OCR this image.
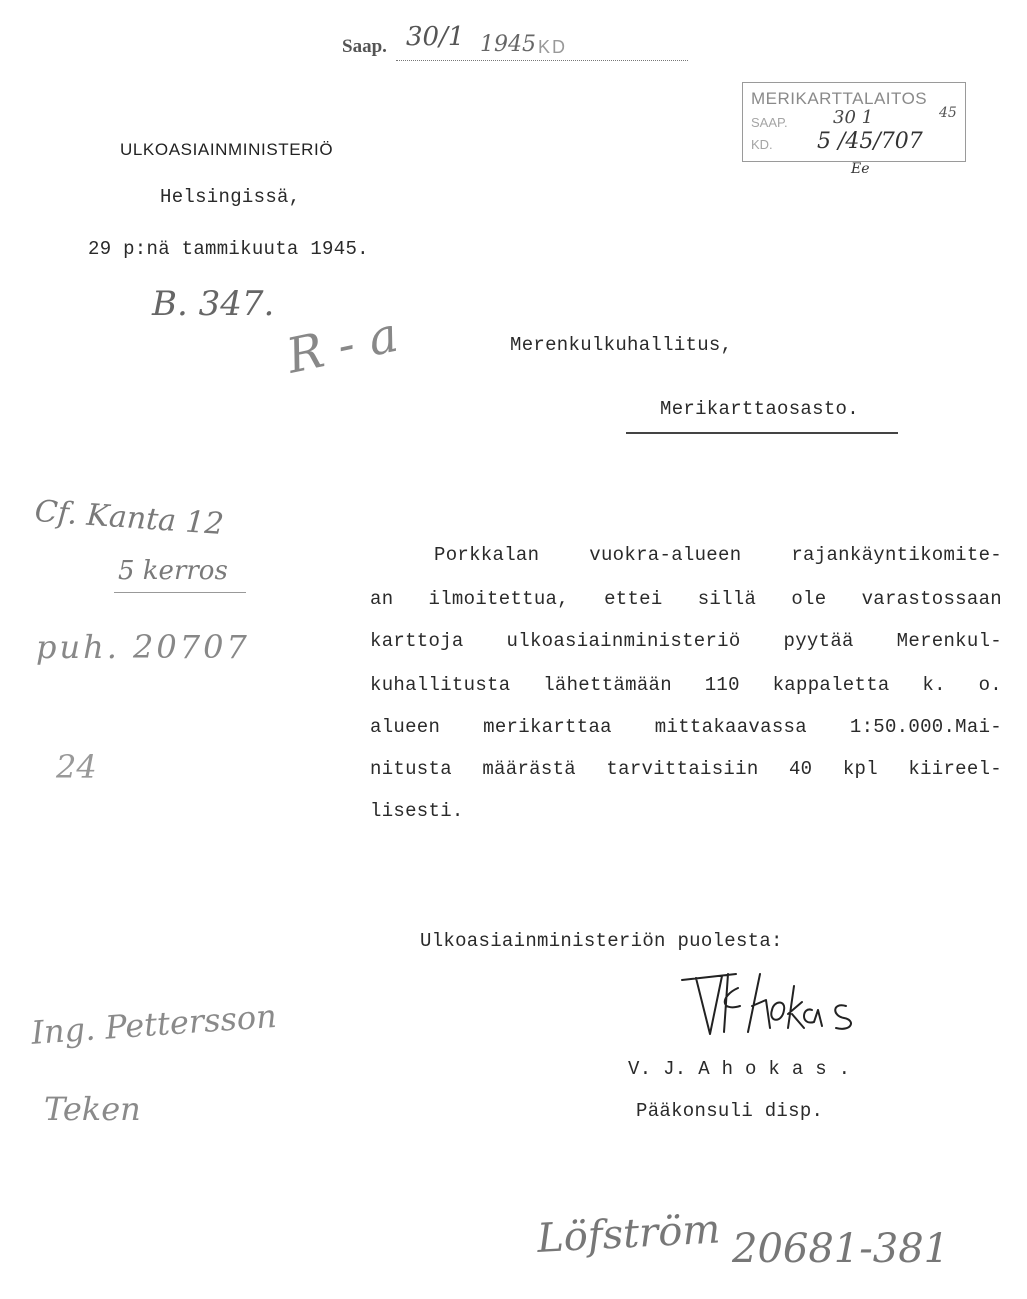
Saap. 30/1 1945 KD
MERIKARTTALAITOS
SAAP.
KD.
30 1	45
5 /45/707
Ee
ULKOASIAINMINISTERIÖ
Helsingissä,
29 p:nä tammikuuta 1945.
B. 347.
R - a	Merenkulkuhallitus,
Merikarttaosasto.
Cf. Kanta 12
5 kerros
puh. 20707
24
Ing. Pettersson
Teken
Porkkalan vuokra-alueen rajankäyntikomite-
an ilmoitettua, ettei sillä ole varastossaan
karttoja ulkoasiainministeriö pyytää Merenkul-
kuhallitusta lähettämään 110 kappaletta k. o.
alueen merikarttaa mittakaavassa 1:50.000.Mai-
nitusta määrästä tarvittaisiin 40 kpl kiireel-
lisesti.
Ulkoasiainministeriön puolesta:
V. J. A h o k a s .
Pääkonsuli disp.
Löfström 20681-381
